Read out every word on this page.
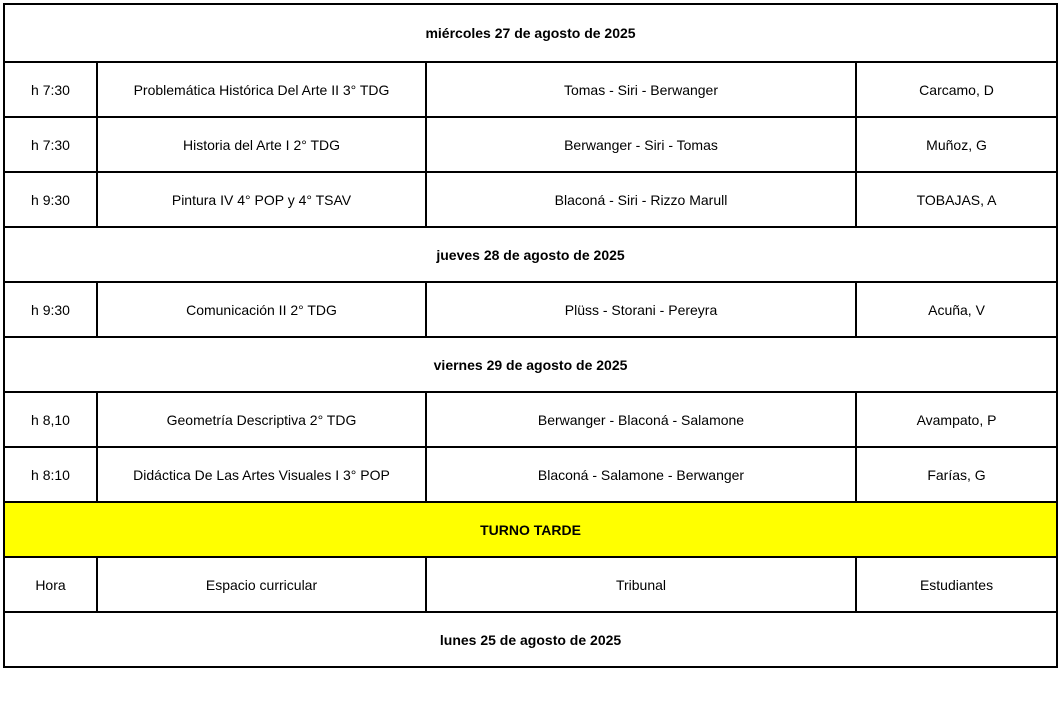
miércoles 27 de agosto de 2025			
h 7:30	Problemática Histórica Del Arte II 3° TDG	Tomas - Siri - Berwanger	Carcamo, D
h 7:30	Historia del Arte I 2° TDG	Berwanger - Siri - Tomas	Muñoz, G
h 9:30	Pintura IV 4° POP y 4° TSAV	Blaconá - Siri - Rizzo Marull	TOBAJAS, A
jueves 28 de agosto de 2025			
h 9:30	Comunicación II 2° TDG	Plüss - Storani - Pereyra	Acuña, V
viernes 29 de agosto de 2025			
h 8,10	Geometría Descriptiva 2° TDG	Berwanger - Blaconá - Salamone	Avampato, P
h 8:10	Didáctica De Las Artes Visuales I 3° POP	Blaconá - Salamone - Berwanger	Farías, G
TURNO TARDE			
Hora	Espacio curricular	Tribunal	Estudiantes
lunes 25 de agosto de 2025			
